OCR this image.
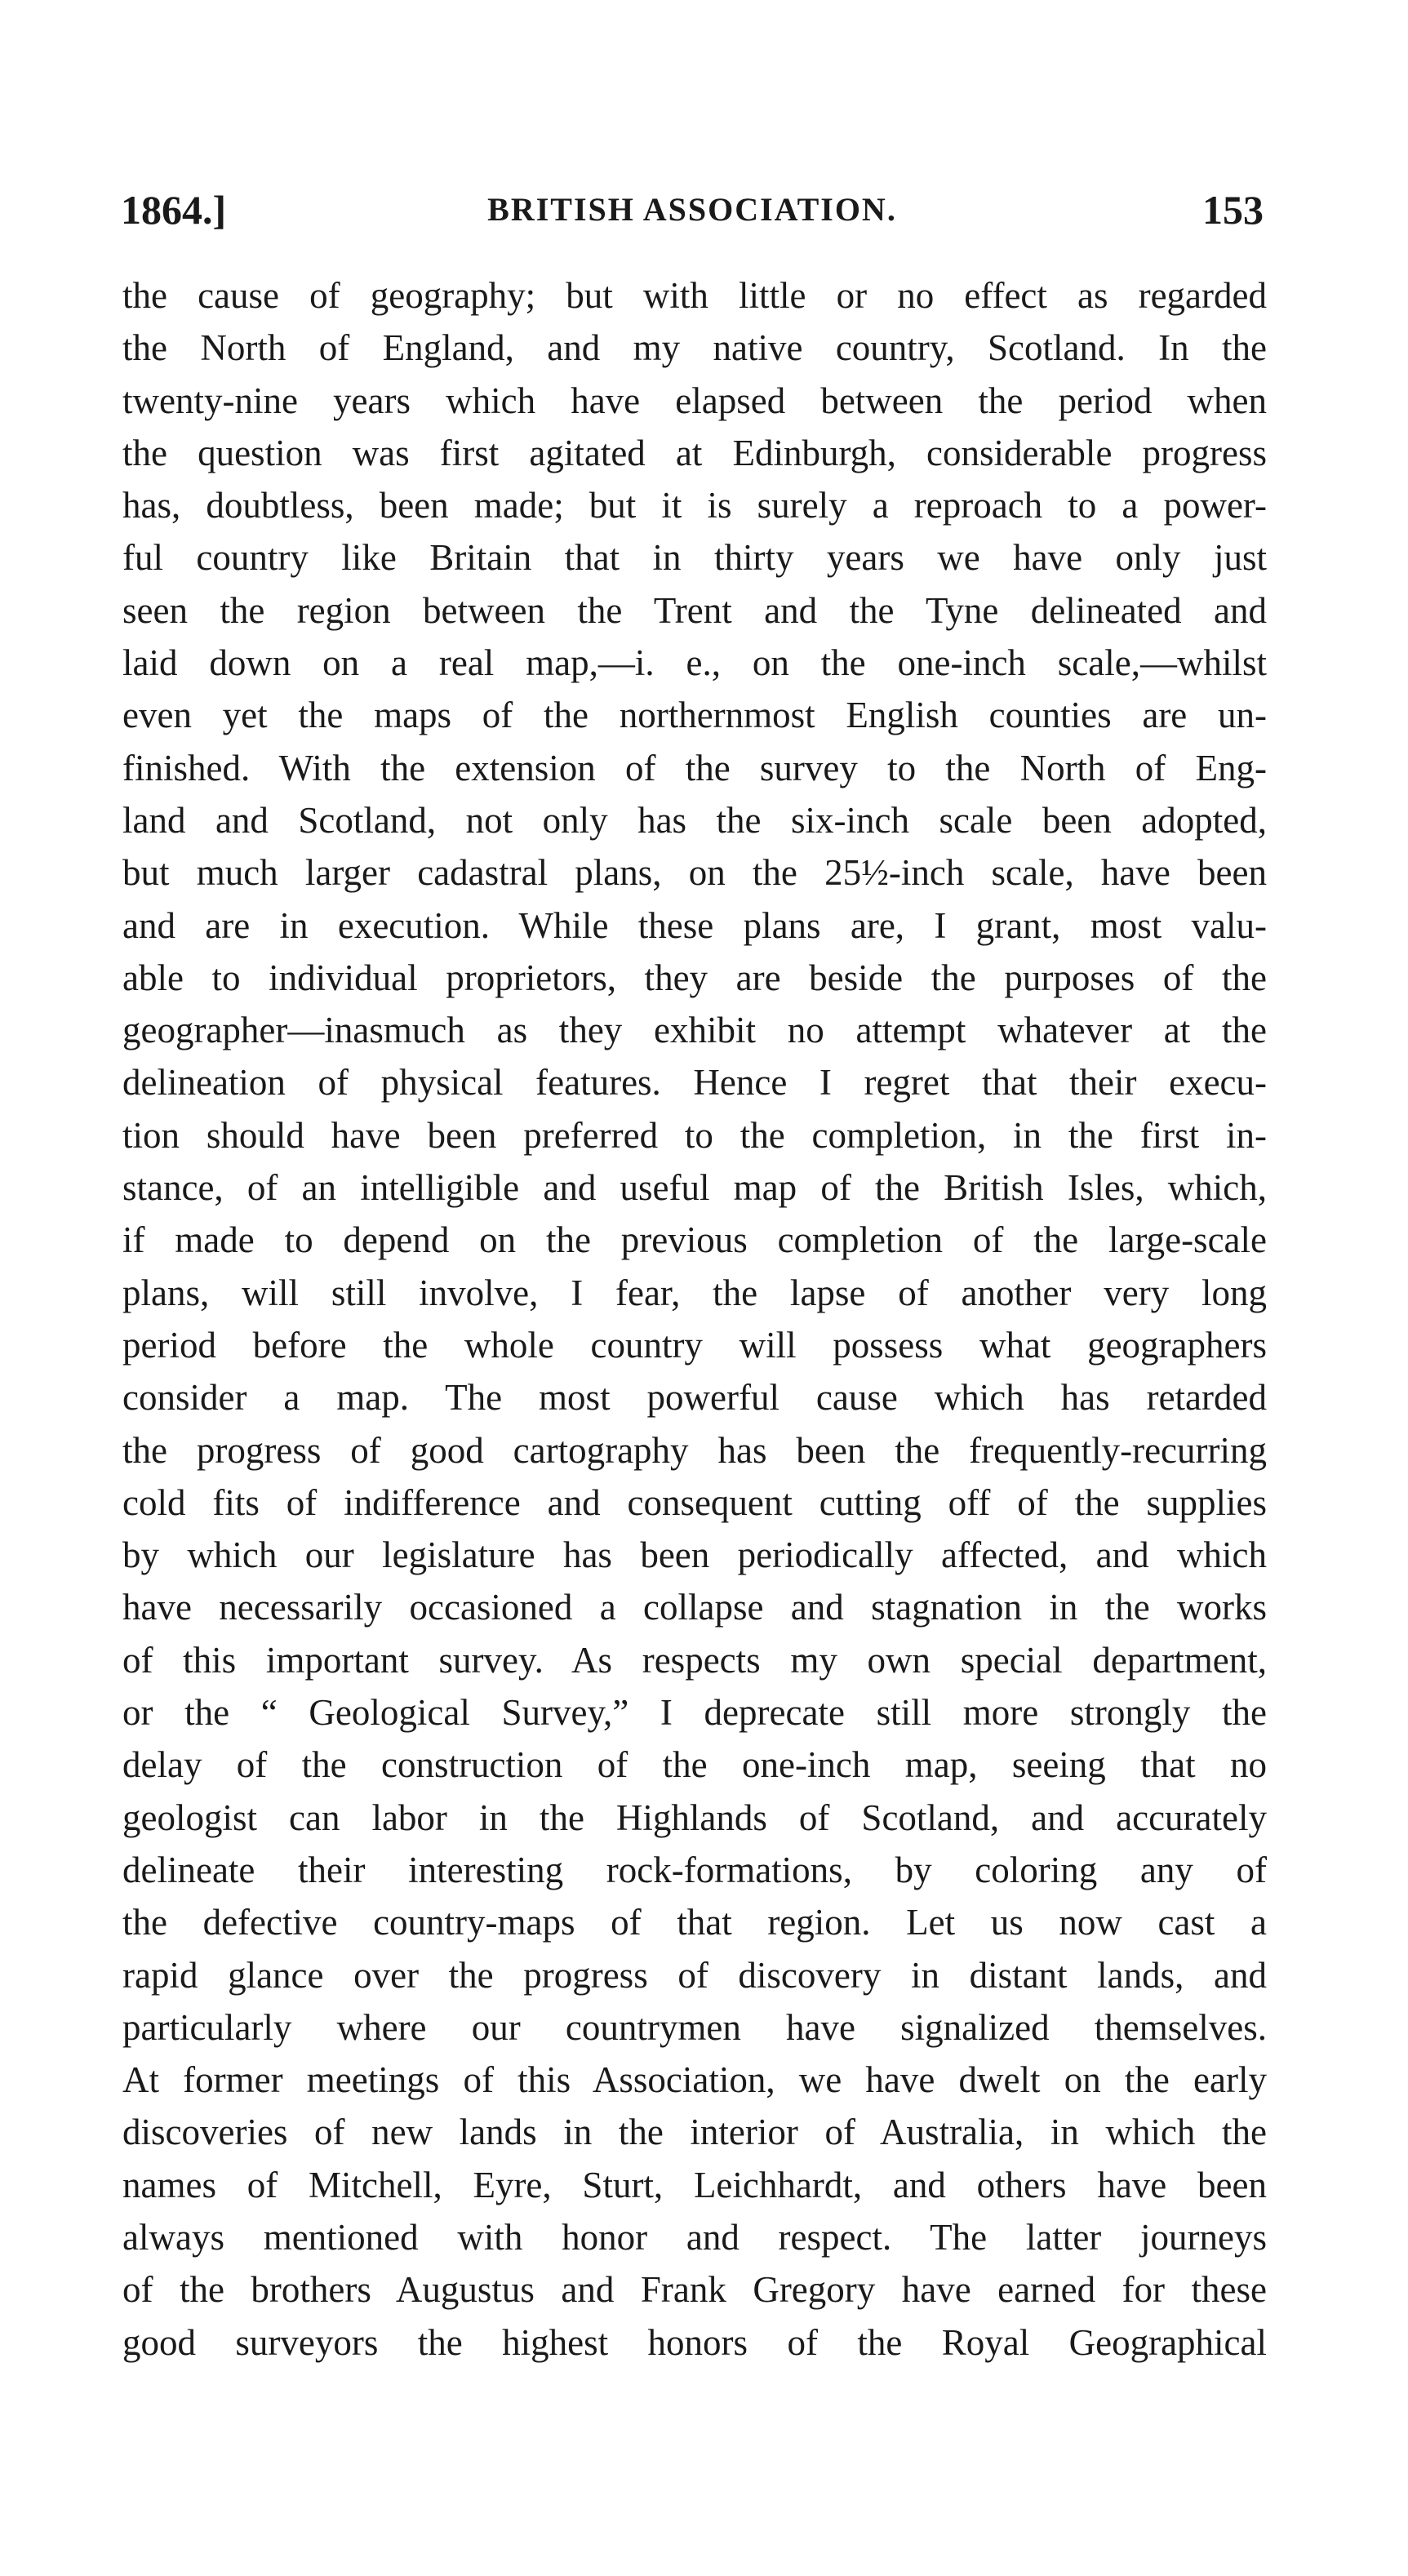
1864.]	BRITISH ASSOCIATION.	153
the cause of geography; but with little or no effect as regarded
the North of England, and my native country, Scotland. In the
twenty-nine years which have elapsed between the period when
the question was first agitated at Edinburgh, considerable progress
has, doubtless, been made; but it is surely a reproach to a power-
ful country like Britain that in thirty years we have only just
seen the region between the Trent and the Tyne delineated and
laid down on a real map,—i. e., on the one-inch scale,—whilst
even yet the maps of the northernmost English counties are un-
finished. With the extension of the survey to the North of Eng-
land and Scotland, not only has the six-inch scale been adopted,
but much larger cadastral plans, on the 25½-inch scale, have been
and are in execution. While these plans are, I grant, most valu-
able to individual proprietors, they are beside the purposes of the
geographer—inasmuch as they exhibit no attempt whatever at the
delineation of physical features. Hence I regret that their execu-
tion should have been preferred to the completion, in the first in-
stance, of an intelligible and useful map of the British Isles, which,
if made to depend on the previous completion of the large-scale
plans, will still involve, I fear, the lapse of another very long
period before the whole country will possess what geographers
consider a map. The most powerful cause which has retarded
the progress of good cartography has been the frequently-recurring
cold fits of indifference and consequent cutting off of the supplies
by which our legislature has been periodically affected, and which
have necessarily occasioned a collapse and stagnation in the works
of this important survey. As respects my own special department,
or the “ Geological Survey,” I deprecate still more strongly the
delay of the construction of the one-inch map, seeing that no
geologist can labor in the Highlands of Scotland, and accurately
delineate their interesting rock-formations, by coloring any of
the defective country-maps of that region. Let us now cast a
rapid glance over the progress of discovery in distant lands, and
particularly where our countrymen have signalized themselves.
At former meetings of this Association, we have dwelt on the early
discoveries of new lands in the interior of Australia, in which the
names of Mitchell, Eyre, Sturt, Leichhardt, and others have been
always mentioned with honor and respect. The latter journeys
of the brothers Augustus and Frank Gregory have earned for these
good surveyors the highest honors of the Royal Geographical
